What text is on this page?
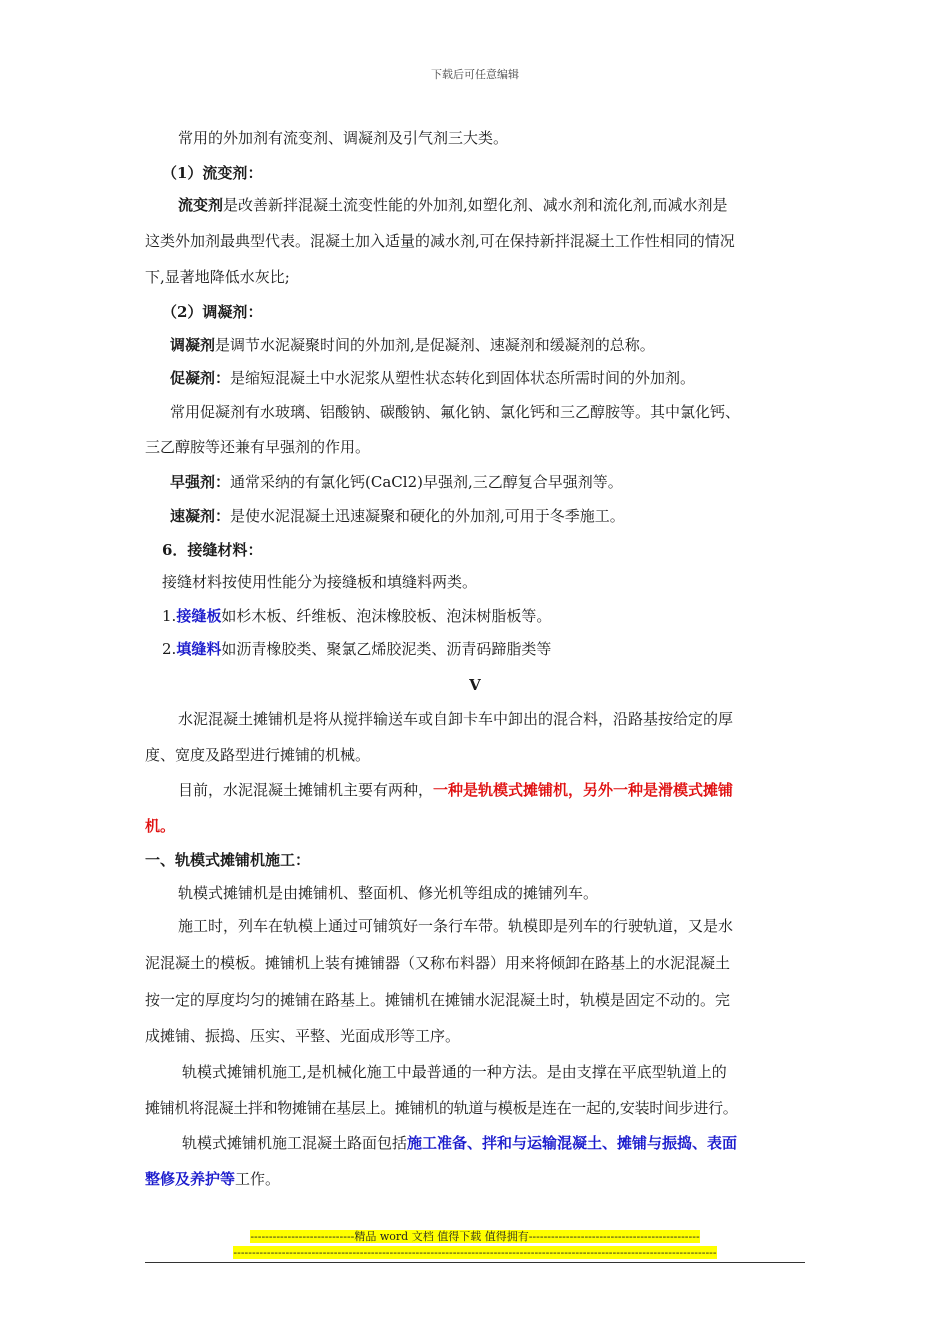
下载后可任意编辑
常用的外加剂有流变剂、调凝剂及引气剂三大类。
（1）流变剂：
流变剂是改善新拌混凝土流变性能的外加剂,如塑化剂、减水剂和流化剂,而减水剂是
这类外加剂最典型代表。混凝土加入适量的减水剂,可在保持新拌混凝土工作性相同的情况
下,显著地降低水灰比;
（2）调凝剂：
调凝剂是调节水泥凝聚时间的外加剂,是促凝剂、速凝剂和缓凝剂的总称。
促凝剂：是缩短混凝土中水泥浆从塑性状态转化到固体状态所需时间的外加剂。
常用促凝剂有水玻璃、铝酸钠、碳酸钠、氟化钠、氯化钙和三乙醇胺等。其中氯化钙、
三乙醇胺等还兼有早强剂的作用。
早强剂：通常采纳的有氯化钙(CaCl2)早强剂,三乙醇复合早强剂等。
速凝剂：是使水泥混凝土迅速凝聚和硬化的外加剂,可用于冬季施工。
6．接缝材料：
接缝材料按使用性能分为接缝板和填缝料两类。
1.接缝板如杉木板、纤维板、泡沫橡胶板、泡沫树脂板等。
2.填缝料如沥青橡胶类、聚氯乙烯胶泥类、沥青码蹄脂类等
V
水泥混凝土摊铺机是将从搅拌输送车或自卸卡车中卸出的混合料，沿路基按给定的厚
度、宽度及路型进行摊铺的机械。
目前，水泥混凝土摊铺机主要有两种，一种是轨模式摊铺机，另外一种是滑模式摊铺
机。
一、轨模式摊铺机施工：
轨模式摊铺机是由摊铺机、整面机、修光机等组成的摊铺列车。
施工时，列车在轨模上通过可铺筑好一条行车带。轨模即是列车的行驶轨道，又是水
泥混凝土的模板。摊铺机上装有摊铺器（又称布料器）用来将倾卸在路基上的水泥混凝土
按一定的厚度均匀的摊铺在路基上。摊铺机在摊铺水泥混凝土时，轨模是固定不动的。完
成摊铺、振捣、压实、平整、光面成形等工序。
轨模式摊铺机施工,是机械化施工中最普通的一种方法。是由支撑在平底型轨道上的
摊铺机将混凝土拌和物摊铺在基层上。摊铺机的轨道与模板是连在一起的,安装时间步进行。
轨模式摊铺机施工混凝土路面包括施工准备、拌和与运输混凝土、摊铺与振捣、表面
整修及养护等工作。
----------------------------精品 word 文档 值得下载 值得拥有----------------------------------------------
----------------------------------------------------------------------------------------------------------------------------------
